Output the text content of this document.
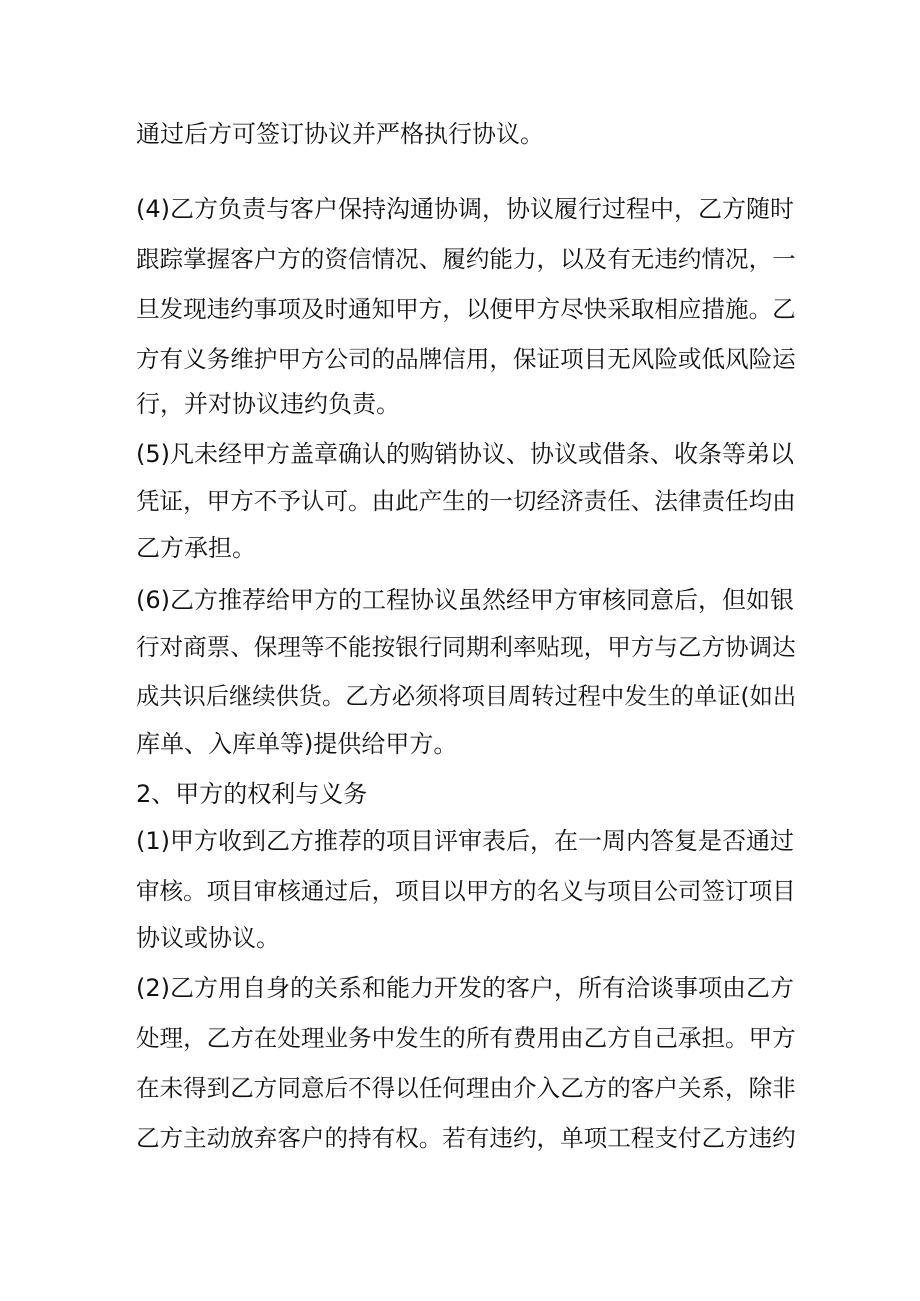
通过后方可签订协议并严格执行协议。

(4)乙方负责与客户保持沟通协调，协议履行过程中，乙方随时

跟踪掌握客户方的资信情况、履约能力，以及有无违约情况，一

旦发现违约事项及时通知甲方，以便甲方尽快采取相应措施。乙

方有义务维护甲方公司的品牌信用，保证项目无风险或低风险运

行，并对协议违约负责。

(5)凡未经甲方盖章确认的购销协议、协议或借条、收条等弟以

凭证，甲方不予认可。由此产生的一切经济责任、法律责任均由

乙方承担。

(6)乙方推荐给甲方的工程协议虽然经甲方审核同意后，但如银

行对商票、保理等不能按银行同期利率贴现，甲方与乙方协调达

成共识后继续供货。乙方必须将项目周转过程中发生的单证(如出

库单、入库单等)提供给甲方。

2、甲方的权利与义务

(1)甲方收到乙方推荐的项目评审表后，在一周内答复是否通过

审核。项目审核通过后，项目以甲方的名义与项目公司签订项目

协议或协议。

(2)乙方用自身的关系和能力开发的客户，所有洽谈事项由乙方

处理，乙方在处理业务中发生的所有费用由乙方自己承担。甲方

在未得到乙方同意后不得以任何理由介入乙方的客户关系，除非

乙方主动放弃客户的持有权。若有违约，单项工程支付乙方违约
